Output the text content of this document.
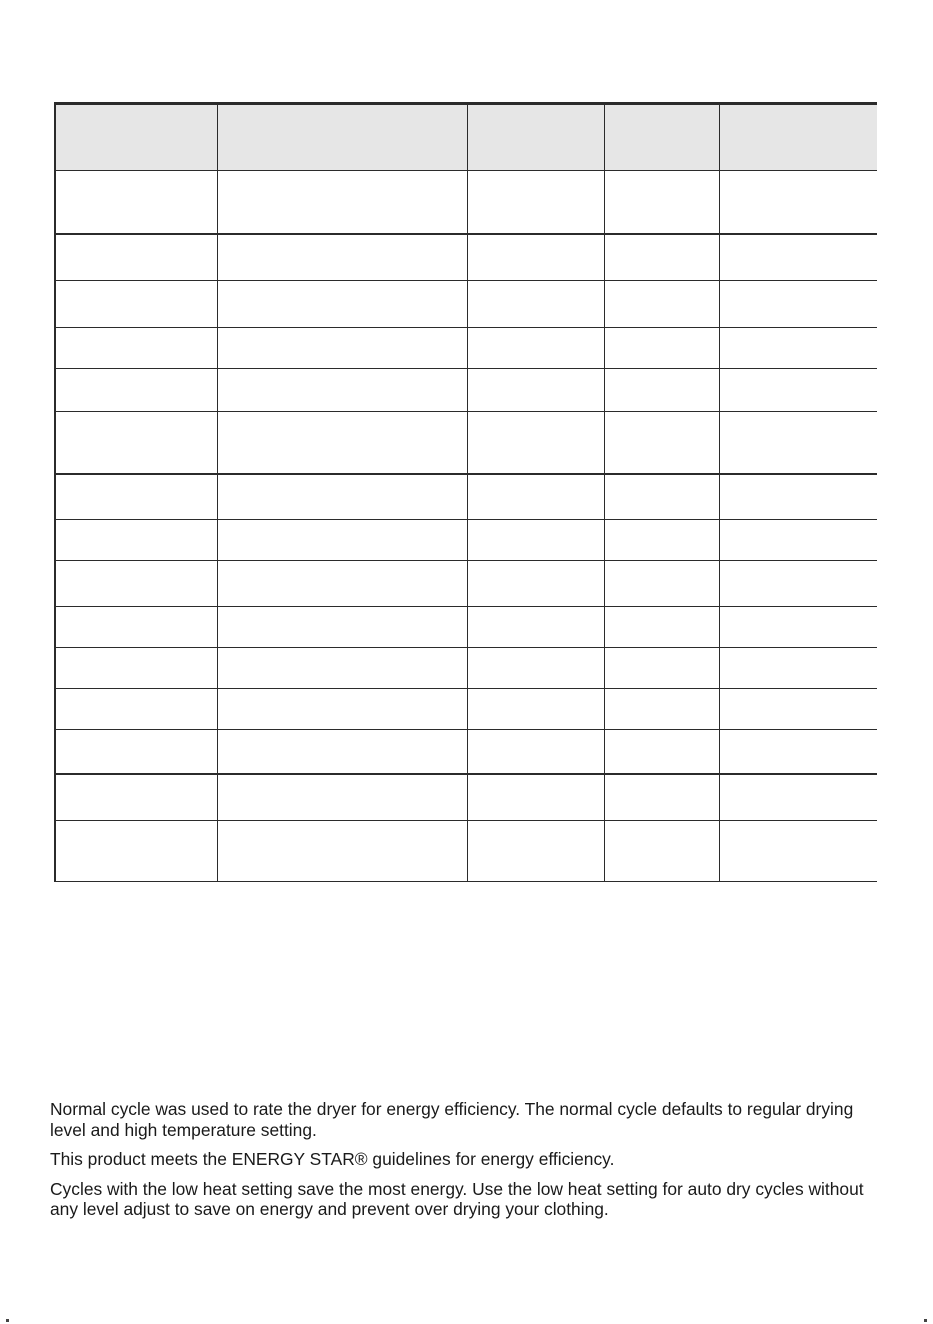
Normal cycle was used to rate the dryer for energy efficiency. The normal cycle defaults to regular drying level and high temperature setting.

This product meets the ENERGY STAR® guidelines for energy efficiency.

Cycles with the low heat setting save the most energy. Use the low heat setting for auto dry cycles without any level adjust to save on energy and prevent over drying your clothing.
